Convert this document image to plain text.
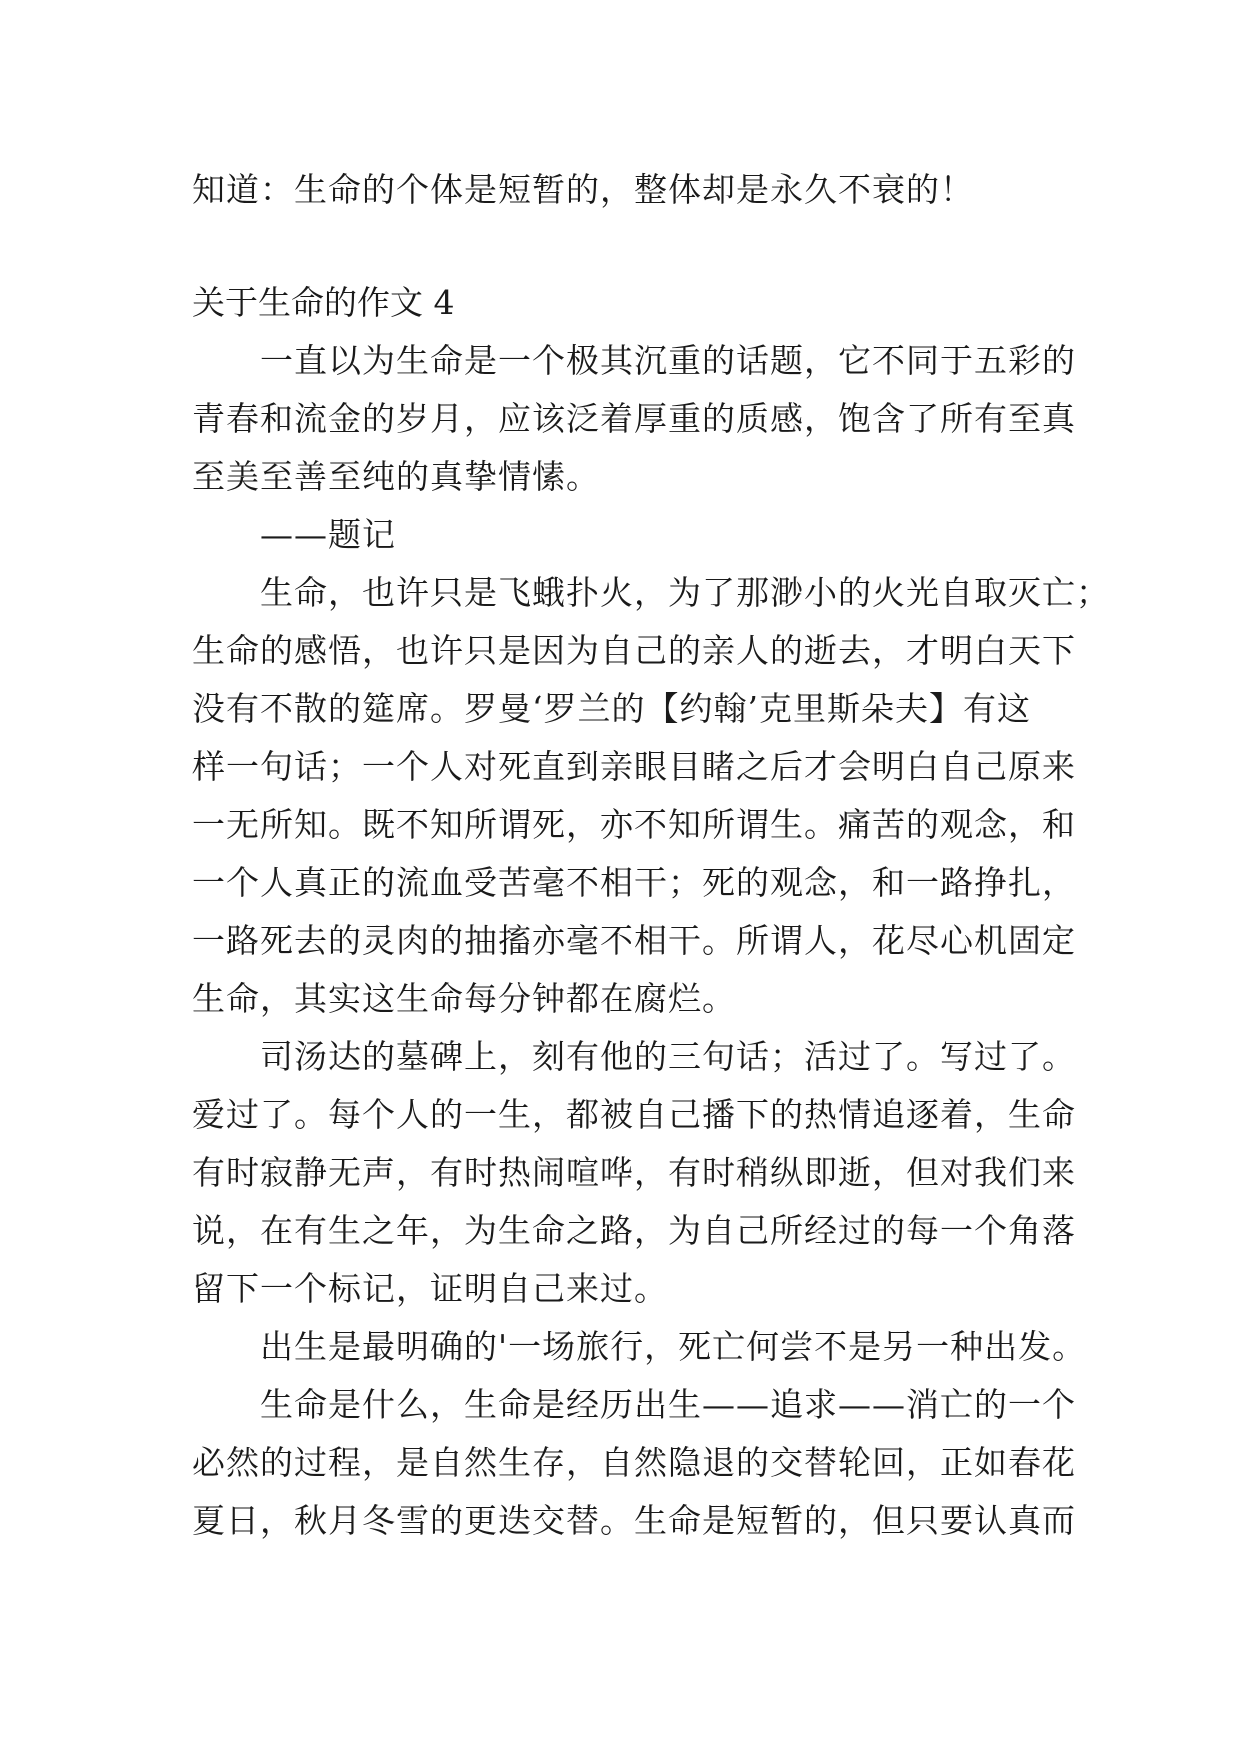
知道：生命的个体是短暂的，整体却是永久不衰的！
关于生命的作文 4
　　一直以为生命是一个极其沉重的话题，它不同于五彩的
青春和流金的岁月，应该泛着厚重的质感，饱含了所有至真
至美至善至纯的真挚情愫。
　　——题记
　　生命，也许只是飞蛾扑火，为了那渺小的火光自取灭亡；
生命的感悟，也许只是因为自己的亲人的逝去，才明白天下
没有不散的筵席。罗曼‘罗兰的【约翰’克里斯朵夫】有这
样一句话；一个人对死直到亲眼目睹之后才会明白自己原来
一无所知。既不知所谓死，亦不知所谓生。痛苦的观念，和
一个人真正的流血受苦毫不相干；死的观念，和一路挣扎，
一路死去的灵肉的抽搐亦毫不相干。所谓人，花尽心机固定
生命，其实这生命每分钟都在腐烂。
　　司汤达的墓碑上，刻有他的三句话；活过了。写过了。
爱过了。每个人的一生，都被自己播下的热情追逐着，生命
有时寂静无声，有时热闹喧哗，有时稍纵即逝，但对我们来
说，在有生之年，为生命之路，为自己所经过的每一个角落
留下一个标记，证明自己来过。
　　出生是最明确的'一场旅行，死亡何尝不是另一种出发。
　　生命是什么，生命是经历出生——追求——消亡的一个
必然的过程，是自然生存，自然隐退的交替轮回，正如春花
夏日，秋月冬雪的更迭交替。生命是短暂的，但只要认真而
